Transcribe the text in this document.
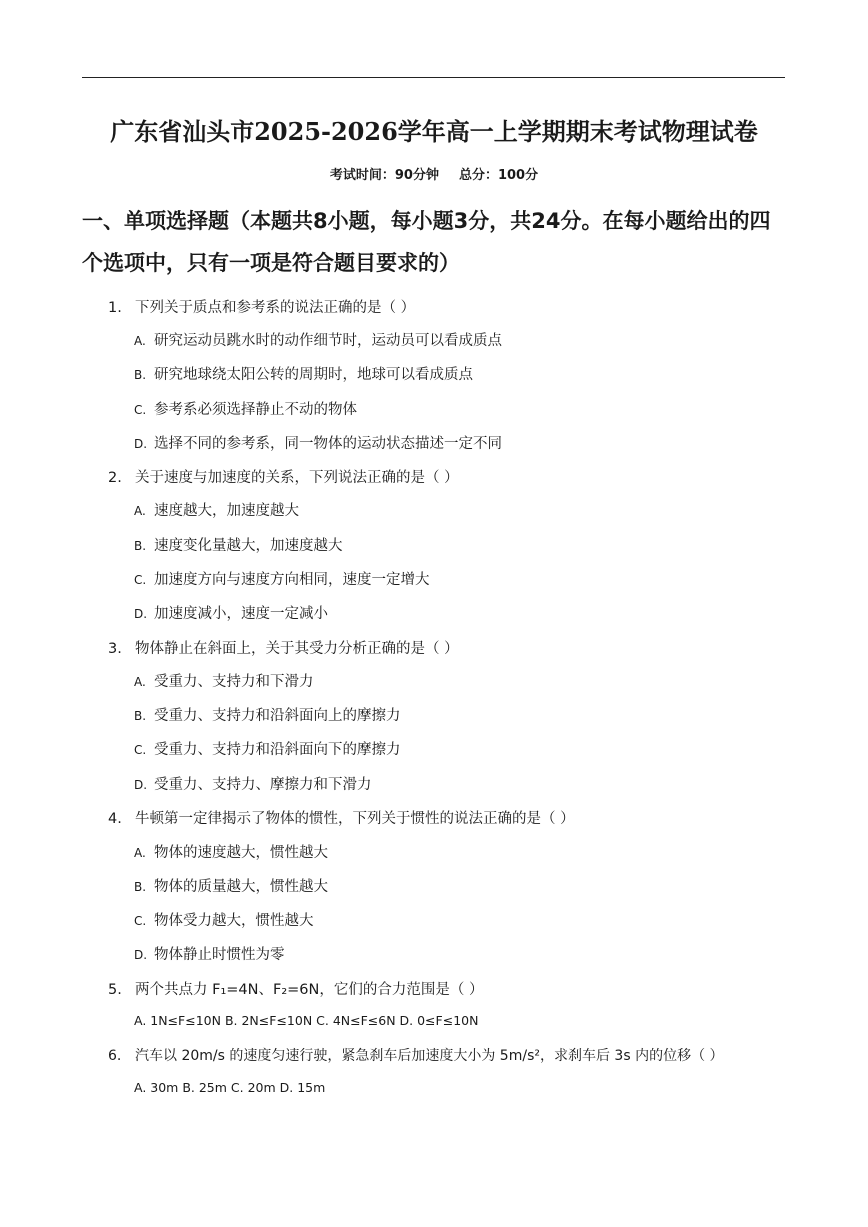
广东省汕头市2025-2026学年高一上学期期末考试物理试卷
考试时间：90分钟 总分：100分
一、单项选择题（本题共8小题，每小题3分，共24分。在每小题给出的四个选项中，只有一项是符合题目要求的）
1. 下列关于质点和参考系的说法正确的是（ ）
A. 研究运动员跳水时的动作细节时，运动员可以看成质点
B. 研究地球绕太阳公转的周期时，地球可以看成质点
C. 参考系必须选择静止不动的物体
D. 选择不同的参考系，同一物体的运动状态描述一定不同
2. 关于速度与加速度的关系，下列说法正确的是（ ）
A. 速度越大，加速度越大
B. 速度变化量越大，加速度越大
C. 加速度方向与速度方向相同，速度一定增大
D. 加速度减小，速度一定减小
3. 物体静止在斜面上，关于其受力分析正确的是（ ）
A. 受重力、支持力和下滑力
B. 受重力、支持力和沿斜面向上的摩擦力
C. 受重力、支持力和沿斜面向下的摩擦力
D. 受重力、支持力、摩擦力和下滑力
4. 牛顿第一定律揭示了物体的惯性，下列关于惯性的说法正确的是（ ）
A. 物体的速度越大，惯性越大
B. 物体的质量越大，惯性越大
C. 物体受力越大，惯性越大
D. 物体静止时惯性为零
5. 两个共点力 F₁=4N、F₂=6N，它们的合力范围是（ ）
A. 1N≤F≤10N B. 2N≤F≤10N C. 4N≤F≤6N D. 0≤F≤10N
6. 汽车以 20m/s 的速度匀速行驶，紧急刹车后加速度大小为 5m/s²，求刹车后 3s 内的位移（ ）
A. 30m B. 25m C. 20m D. 15m
